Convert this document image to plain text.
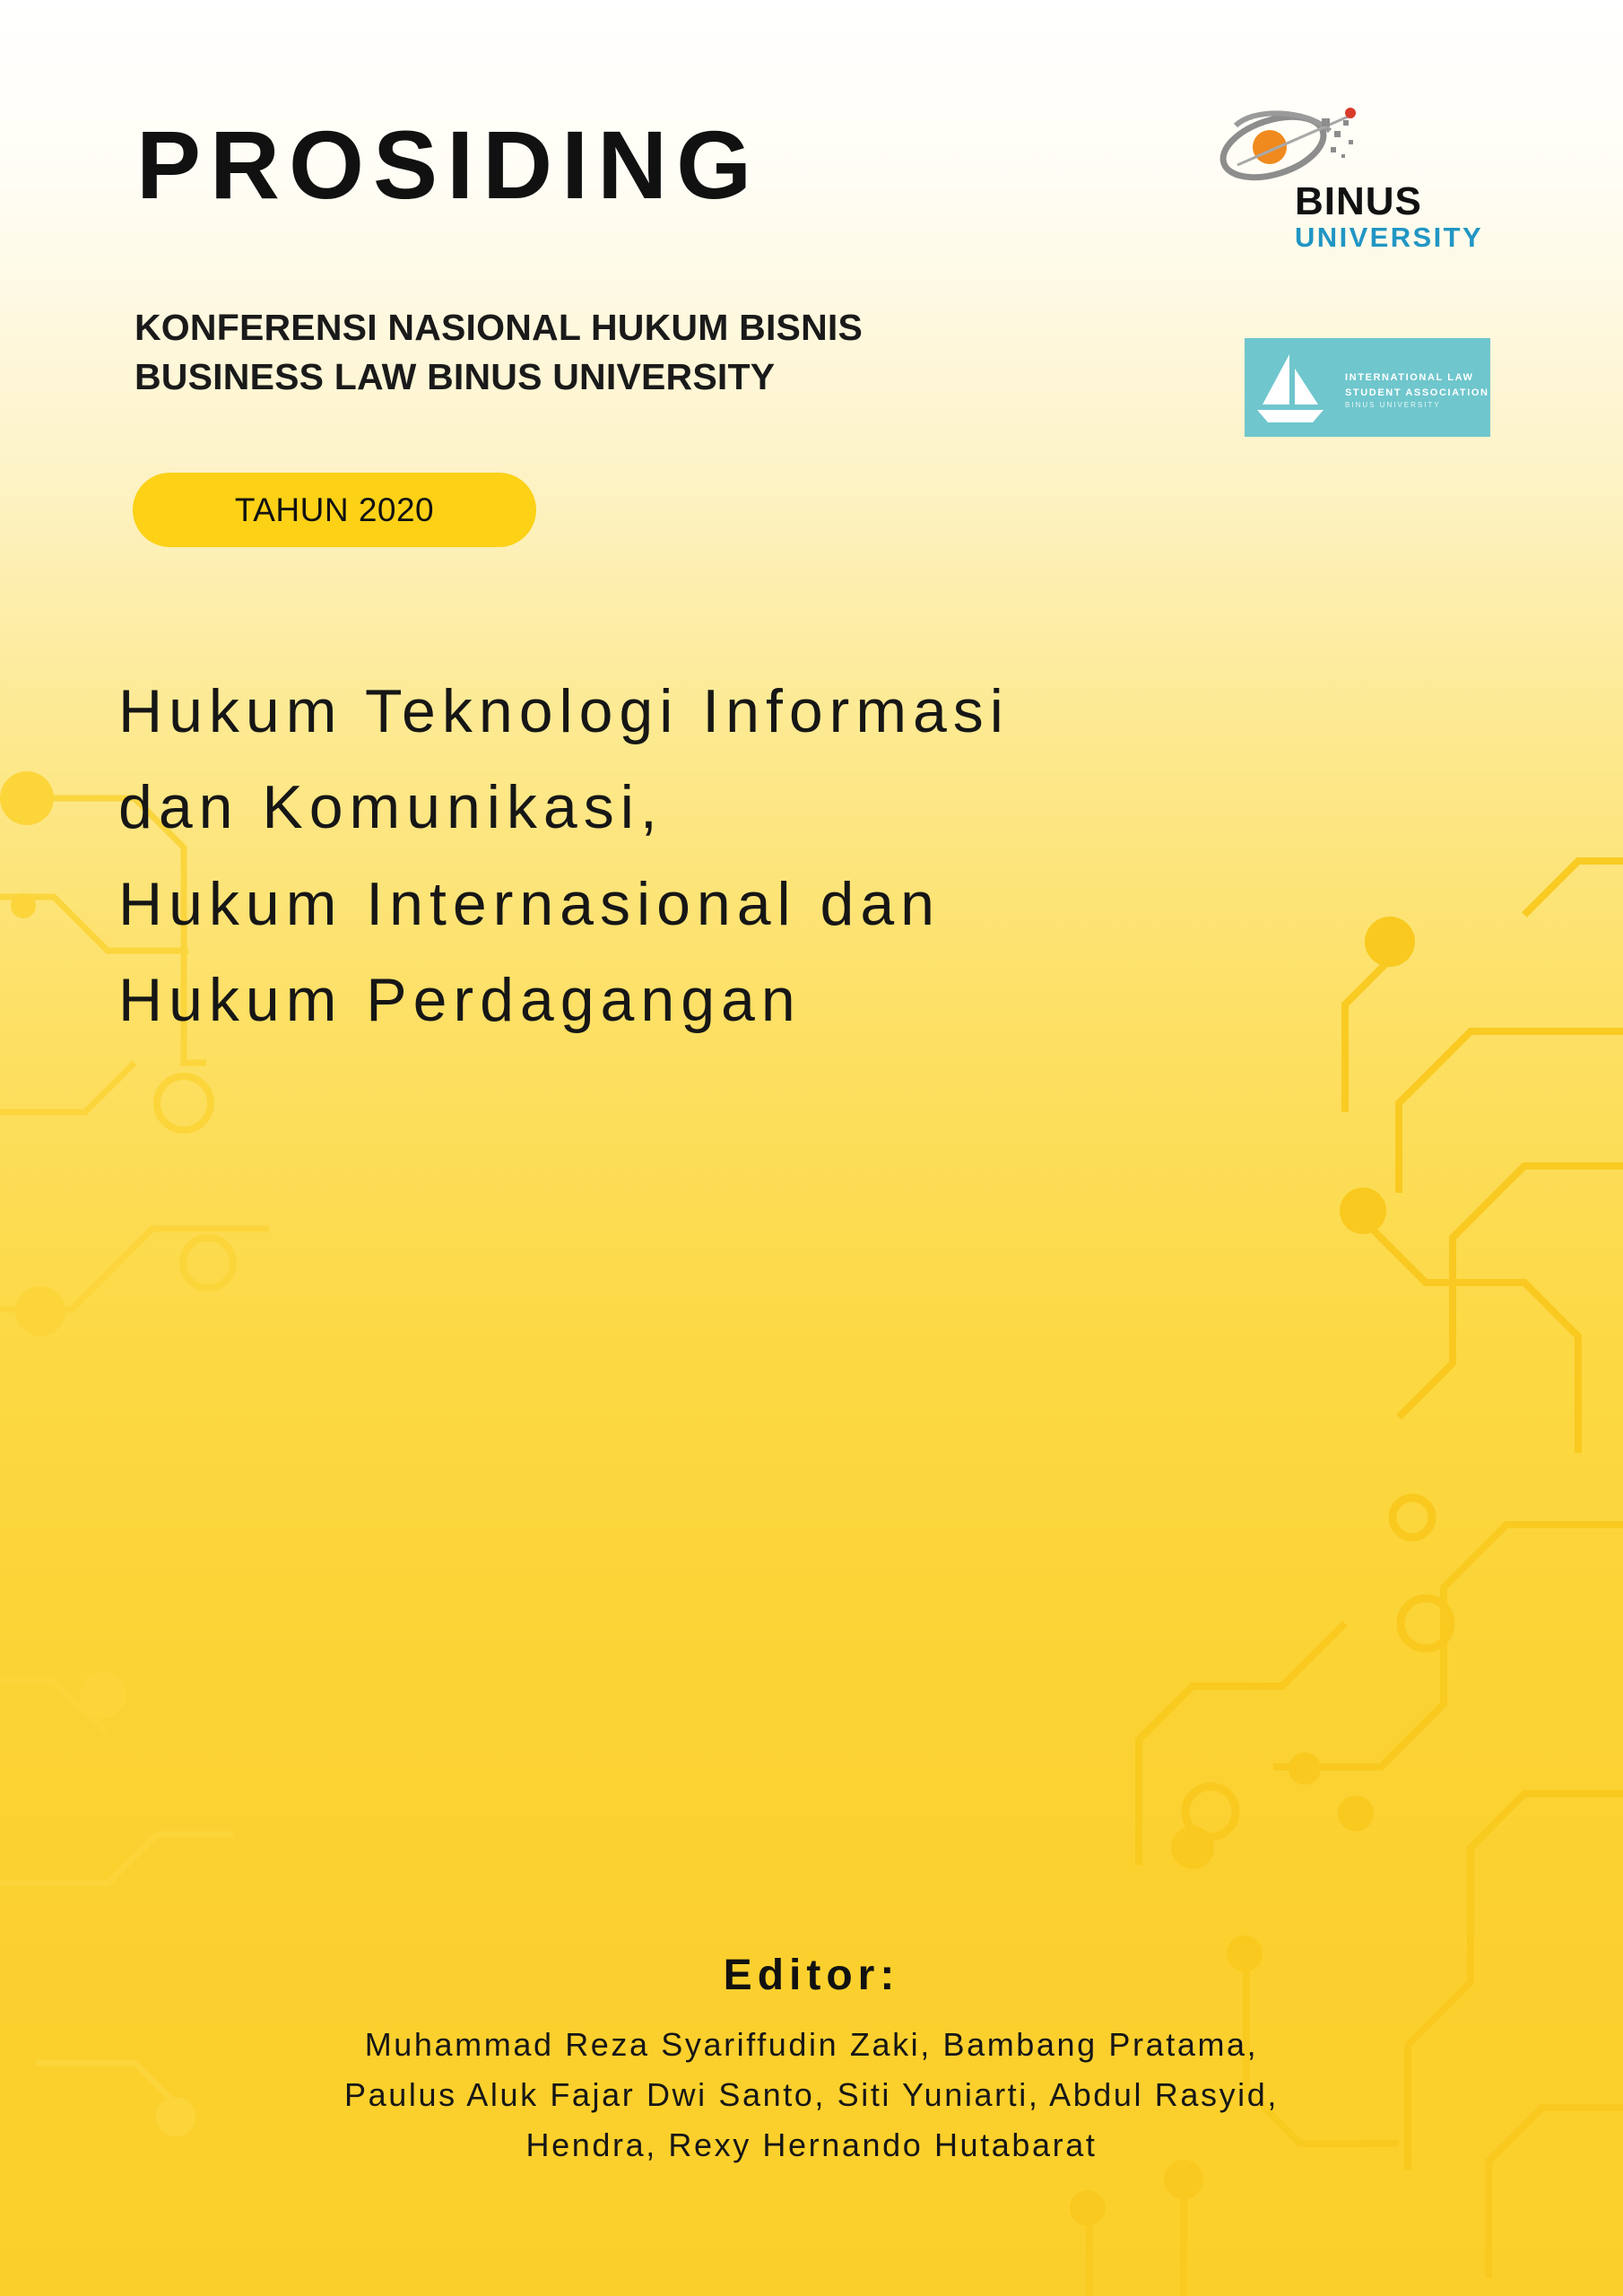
PROSIDING
KONFERENSI NASIONAL HUKUM BISNIS
BUSINESS LAW BINUS UNIVERSITY
TAHUN 2020
BINUS
UNIVERSITY
INTERNATIONAL LAW
STUDENT ASSOCIATION
BINUS UNIVERSITY
Hukum Teknologi Informasi
dan Komunikasi,
Hukum Internasional dan
Hukum Perdagangan
Editor:
Muhammad Reza Syariffudin Zaki, Bambang Pratama,
Paulus Aluk Fajar Dwi Santo, Siti Yuniarti, Abdul Rasyid,
Hendra, Rexy Hernando Hutabarat
